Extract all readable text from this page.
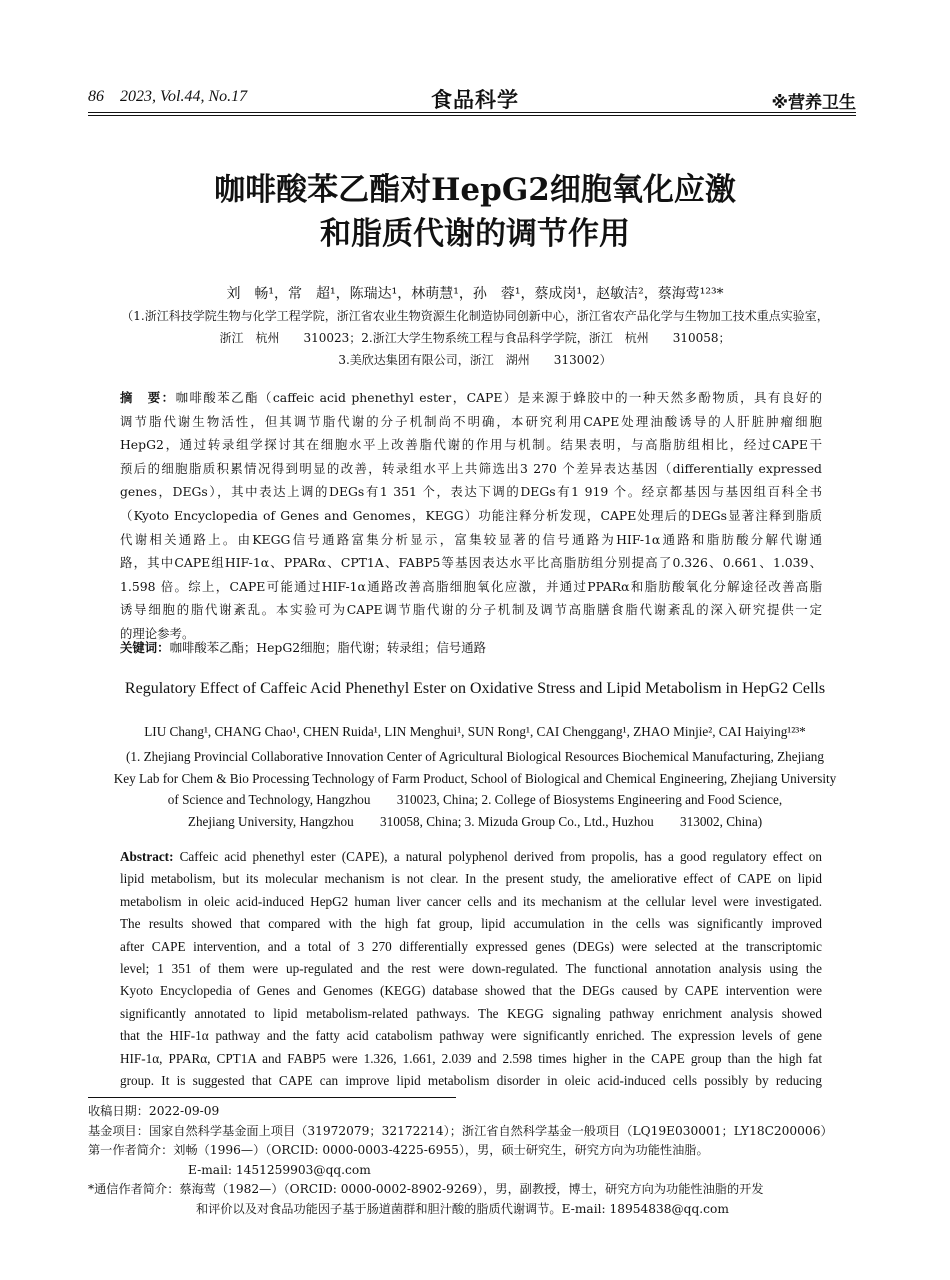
86    2023, Vol.44, No.17	食品科学	※营养卫生
咖啡酸苯乙酯对HepG2细胞氧化应激
和脂质代谢的调节作用
刘　畅¹，常　超¹，陈瑞达¹，林萌慧¹，孙　蓉¹，蔡成岗¹，赵敏洁²，蔡海莺¹²³*
（1.浙江科技学院生物与化学工程学院，浙江省农业生物资源生化制造协同创新中心，浙江省农产品化学与生物加工技术重点实验室，
浙江　杭州　　310023；2.浙江大学生物系统工程与食品科学学院，浙江　杭州　　310058；
3.美欣达集团有限公司，浙江　湖州　　313002）
摘　要：咖啡酸苯乙酯（caffeic acid phenethyl ester，CAPE）是来源于蜂胶中的一种天然多酚物质，具有良好的
调节脂代谢生物活性，但其调节脂代谢的分子机制尚不明确，本研究利用CAPE处理油酸诱导的人肝脏肿瘤细胞
HepG2，通过转录组学探讨其在细胞水平上改善脂代谢的作用与机制。结果表明，与高脂肪组相比，经过CAPE干
预后的细胞脂质积累情况得到明显的改善，转录组水平上共筛选出3 270 个差异表达基因（differentially expressed
genes，DEGs），其中表达上调的DEGs有1 351 个，表达下调的DEGs有1 919 个。经京都基因与基因组百科全书
（Kyoto Encyclopedia of Genes and Genomes，KEGG）功能注释分析发现，CAPE处理后的DEGs显著注释到脂质
代谢相关通路上。由KEGG信号通路富集分析显示，富集较显著的信号通路为HIF-1α通路和脂肪酸分解代谢通
路，其中CAPE组HIF-1α、PPARα、CPT1A、FABP5等基因表达水平比高脂肪组分别提高了0.326、0.661、1.039、
1.598 倍。综上，CAPE可能通过HIF-1α通路改善高脂细胞氧化应激，并通过PPARα和脂肪酸氧化分解途径改善高脂
诱导细胞的脂代谢紊乱。本实验可为CAPE调节脂代谢的分子机制及调节高脂膳食脂代谢紊乱的深入研究提供一定
的理论参考。
关键词：咖啡酸苯乙酯；HepG2细胞；脂代谢；转录组；信号通路
Regulatory Effect of Caffeic Acid Phenethyl Ester on Oxidative Stress and Lipid Metabolism in HepG2 Cells
LIU Chang¹, CHANG Chao¹, CHEN Ruida¹, LIN Menghui¹, SUN Rong¹, CAI Chenggang¹, ZHAO Minjie², CAI Haiying¹²³*
(1. Zhejiang Provincial Collaborative Innovation Center of Agricultural Biological Resources Biochemical Manufacturing, Zhejiang
Key Lab for Chem & Bio Processing Technology of Farm Product, School of Biological and Chemical Engineering, Zhejiang University
of Science and Technology, Hangzhou　　310023, China; 2. College of Biosystems Engineering and Food Science,
Zhejiang University, Hangzhou　　310058, China; 3. Mizuda Group Co., Ltd., Huzhou　　313002, China)
Abstract: Caffeic acid phenethyl ester (CAPE), a natural polyphenol derived from propolis, has a good regulatory effect on
lipid metabolism, but its molecular mechanism is not clear. In the present study, the ameliorative effect of CAPE on lipid
metabolism in oleic acid-induced HepG2 human liver cancer cells and its mechanism at the cellular level were investigated.
The results showed that compared with the high fat group, lipid accumulation in the cells was significantly improved
after CAPE intervention, and a total of 3 270 differentially expressed genes (DEGs) were selected at the transcriptomic
level; 1 351 of them were up-regulated and the rest were down-regulated. The functional annotation analysis using the
Kyoto Encyclopedia of Genes and Genomes (KEGG) database showed that the DEGs caused by CAPE intervention were
significantly annotated to lipid metabolism-related pathways. The KEGG signaling pathway enrichment analysis showed
that the HIF-1α pathway and the fatty acid catabolism pathway were significantly enriched. The expression levels of gene
HIF-1α, PPARα, CPT1A and FABP5 were 1.326, 1.661, 2.039 and 2.598 times higher in the CAPE group than the high fat
group. It is suggested that CAPE can improve lipid metabolism disorder in oleic acid-induced cells possibly by reducing
收稿日期：2022-09-09
基金项目：国家自然科学基金面上项目（31972079；32172214）；浙江省自然科学基金一般项目（LQ19E030001；LY18C200006）
第一作者简介：刘畅（1996—）（ORCID: 0000-0003-4225-6955），男，硕士研究生，研究方向为功能性油脂。
E-mail: 1451259903@qq.com
*通信作者简介：蔡海莺（1982—）（ORCID: 0000-0002-8902-9269），男，副教授，博士，研究方向为功能性油脂的开发
和评价以及对食品功能因子基于肠道菌群和胆汁酸的脂质代谢调节。E-mail: 18954838@qq.com
